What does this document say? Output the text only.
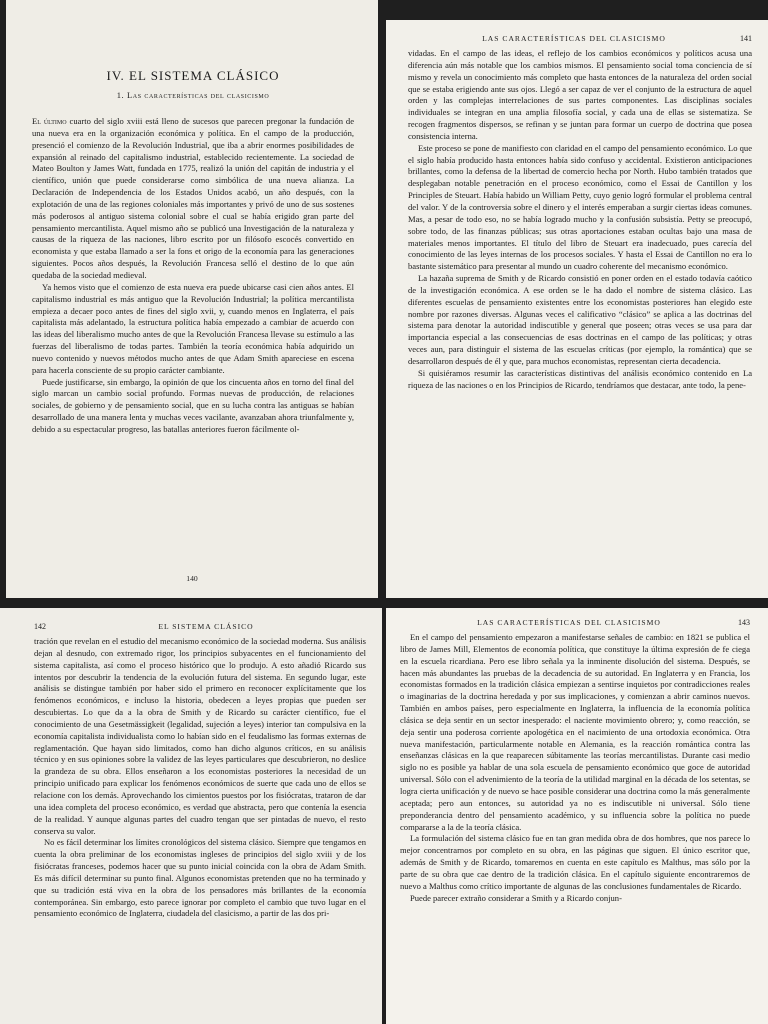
IV. EL SISTEMA CLÁSICO
1. Las características del clasicismo

El último cuarto del siglo xviii está lleno de sucesos que parecen pregonar la fundación de una nueva era en la organización económica y política. En el campo de la producción, presenció el comienzo de la Revolución Industrial, que iba a abrir enormes posibilidades de expansión al reinado del capitalismo industrial, establecido recientemente. La sociedad de Mateo Boulton y James Watt, fundada en 1775, realizó la unión del capitán de industria y el científico, unión que puede considerarse como simbólica de una nueva alianza. La Declaración de Independencia de los Estados Unidos acabó, un año después, con la explotación de una de las regiones coloniales más importantes y privó de uno de sus sostenes más poderosos al antiguo sistema colonial sobre el cual se había erigido gran parte del pensamiento mercantilista. Aquel mismo año se publicó una Investigación de la naturaleza y causas de la riqueza de las naciones, libro escrito por un filósofo escocés convertido en economista y que estaba llamado a ser la fons et origo de la economía para las generaciones siguientes. Pocos años después, la Revolución Francesa selló el destino de lo que aún quedaba de la sociedad medieval.

Ya hemos visto que el comienzo de esta nueva era puede ubicarse casi cien años antes. El capitalismo industrial es más antiguo que la Revolución Industrial; la política mercantilista empieza a decaer poco antes de fines del siglo xvii, y, cuando menos en Inglaterra, el país capitalista más adelantado, la estructura política había empezado a cambiar de acuerdo con las ideas del liberalismo mucho antes de que la Revolución Francesa llevase su estímulo a las fuerzas del liberalismo de todas partes. También la teoría económica había adquirido un nuevo contenido y nuevos métodos mucho antes de que Adam Smith apareciese en escena para hacerla consciente de su propio carácter cambiante.

Puede justificarse, sin embargo, la opinión de que los cincuenta años en torno del final del siglo marcan un cambio social profundo. Formas nuevas de producción, de relaciones sociales, de gobierno y de pensamiento social, que en su lucha contra las antiguas se habían desarrollado de una manera lenta y muchas veces vacilante, avanzaban ahora triunfalmente y, debido a su espectacular progreso, las batallas anteriores fueron fácilmente ol-

140
LAS CARACTERÍSTICAS DEL CLASICISMO	141

vidadas. En el campo de las ideas, el reflejo de los cambios económicos y políticos acusa una diferencia aún más notable que los cambios mismos. El pensamiento social toma conciencia de sí mismo y revela un conocimiento más completo que hasta entonces de la naturaleza del orden social que se estaba erigiendo ante sus ojos. Llegó a ser capaz de ver el conjunto de la estructura de aquel orden y las complejas interrelaciones de sus partes componentes. Las disciplinas sociales individuales se integran en una amplia filosofía social, y cada una de ellas se sistematiza. Se recogen fragmentos dispersos, se refinan y se juntan para formar un cuerpo de doctrina que posea consistencia interna.

Este proceso se pone de manifiesto con claridad en el campo del pensamiento económico. Lo que el siglo había producido hasta entonces había sido confuso y accidental. Existieron anticipaciones brillantes, como la defensa de la libertad de comercio hecha por North. Hubo también tratados que desplegaban notable penetración en el proceso económico, como el Essai de Cantillon y los Principles de Steuart. Había habido un William Petty, cuyo genio logró formular el problema central del valor. Y de la controversia sobre el dinero y el interés emperaban a surgir ciertas ideas comunes. Mas, a pesar de todo eso, no se había logrado mucho y la confusión subsistía. Petty se preocupó, sobre todo, de las finanzas públicas; sus otras aportaciones estaban ocultas bajo una masa de materiales menos importantes. El título del libro de Steuart era inadecuado, pues carecía del conocimiento de las leyes internas de los procesos sociales. Y hasta el Essai de Cantillon no era lo bastante sistemático para presentar al mundo un cuadro coherente del mecanismo económico.

La hazaña suprema de Smith y de Ricardo consistió en poner orden en el estado todavía caótico de la investigación económica. A ese orden se le ha dado el nombre de sistema clásico. Las diferentes escuelas de pensamiento existentes entre los economistas posteriores han elegido este nombre por razones diversas. Algunas veces el calificativo “clásico” se aplica a las doctrinas del sistema para denotar la autoridad indiscutible y general que poseen; otras veces se usa para dar importancia especial a las consecuencias de esas doctrinas en el campo de las políticas; y otras veces aun, para distinguir el sistema de las escuelas críticas (por ejemplo, la romántica) que se desarrollaron después de él y que, para muchos economistas, representan cierta decadencia.

Si quisiéramos resumir las características distintivas del análisis económico contenido en La riqueza de las naciones o en los Principios de Ricardo, tendríamos que destacar, ante todo, la pene-

142	EL SISTEMA CLÁSICO

tración que revelan en el estudio del mecanismo económico de la sociedad moderna. Sus análisis dejan al desnudo, con extremado rigor, los principios subyacentes en el funcionamiento del sistema capitalista, así como el proceso histórico que lo produjo. A esto añadió Ricardo sus intentos por descubrir la tendencia de la evolución futura del sistema. En segundo lugar, este análisis se distingue también por haber sido el primero en reconocer explícitamente que los fenómenos económicos, e incluso la historia, obedecen a leyes propias que pueden ser descubiertas. Lo que da a la obra de Smith y de Ricardo su carácter científico, fue el conocimiento de una Gesetmässigkeit (legalidad, sujeción a leyes) interior tan compulsiva en la economía capitalista individualista como lo habían sido en el feudalismo las formas externas de reglamentación. Que hayan sido limitados, como han dicho algunos críticos, en su análisis técnico y en sus opiniones sobre la validez de las leyes particulares que descubrieron, no deslice la grandeza de su obra. Ellos enseñaron a los economistas posteriores la necesidad de un principio unificado para explicar los fenómenos económicos de suerte que cada uno de ellos se relacione con los demás. Aprovechando los cimientos puestos por los fisiócratas, trataron de dar una idea completa del proceso económico, es verdad que abstracta, pero que contenía la esencia de la realidad. Y aunque algunas partes del cuadro tengan que ser pintadas de nuevo, el resto conserva su valor.

No es fácil determinar los límites cronológicos del sistema clásico. Siempre que tengamos en cuenta la obra preliminar de los economistas ingleses de principios del siglo xviii y de los fisiócratas franceses, podemos hacer que su punto inicial coincida con la obra de Adam Smith. Es más difícil determinar su punto final. Algunos economistas pretenden que no ha terminado y que su tradición está viva en la obra de los pensadores más brillantes de la economía contemporánea. Sin embargo, esto parece ignorar por completo el cambio que tuvo lugar en el pensamiento económico de Inglaterra, ciudadela del clasicismo, a partir de las dos pri-

LAS CARACTERÍSTICAS DEL CLASICISMO	143

En el campo del pensamiento empezaron a manifestarse señales de cambio: en 1821 se publica el libro de James Mill, Elementos de economía política, que constituye la última expresión de fe ciega en la escuela ricardiana. Pero ese libro señala ya la inminente disolución del sistema. Después, se hacen más abundantes las pruebas de la decadencia de su autoridad. En Inglaterra y en Francia, los economistas formados en la tradición clásica empiezan a sentirse inquietos por contradicciones reales o imaginarias de la doctrina heredada y por sus implicaciones, y comienzan a abrir caminos nuevos. También en ambos países, pero especialmente en Inglaterra, la influencia de la economía política clásica se deja sentir en un sector inesperado: el naciente movimiento obrero; y, como reacción, se deja sentir una poderosa corriente apologética en el nacimiento de una ortodoxia económica. Otra nueva manifestación, particularmente notable en Alemania, es la reacción romántica contra las enseñanzas clásicas en la que reaparecen súbitamente las teorías mercantilistas. Durante casi medio siglo no es posible ya hablar de una sola escuela de pensamiento económico que goce de autoridad universal. Sólo con el advenimiento de la teoría de la utilidad marginal en la década de los setentas, se logra cierta unificación y de nuevo se hace posible considerar una doctrina como la más generalmente aceptada; pero aun entonces, su autoridad ya no es indiscutible ni universal. Sólo tiene preponderancia dentro del pensamiento académico, y su influencia sobre la política no puede compararse a la de la teoría clásica.

La formulación del sistema clásico fue en tan gran medida obra de dos hombres, que nos parece lo mejor concentrarnos por completo en su obra, en las páginas que siguen. El único escritor que, además de Smith y de Ricardo, tomaremos en cuenta en este capítulo es Malthus, mas sólo por la parte de su obra que cae dentro de la tradición clásica. En el capítulo siguiente encontraremos de nuevo a Malthus como crítico importante de algunas de las conclusiones fundamentales de Ricardo.

Puede parecer extraño considerar a Smith y a Ricardo conjun-
